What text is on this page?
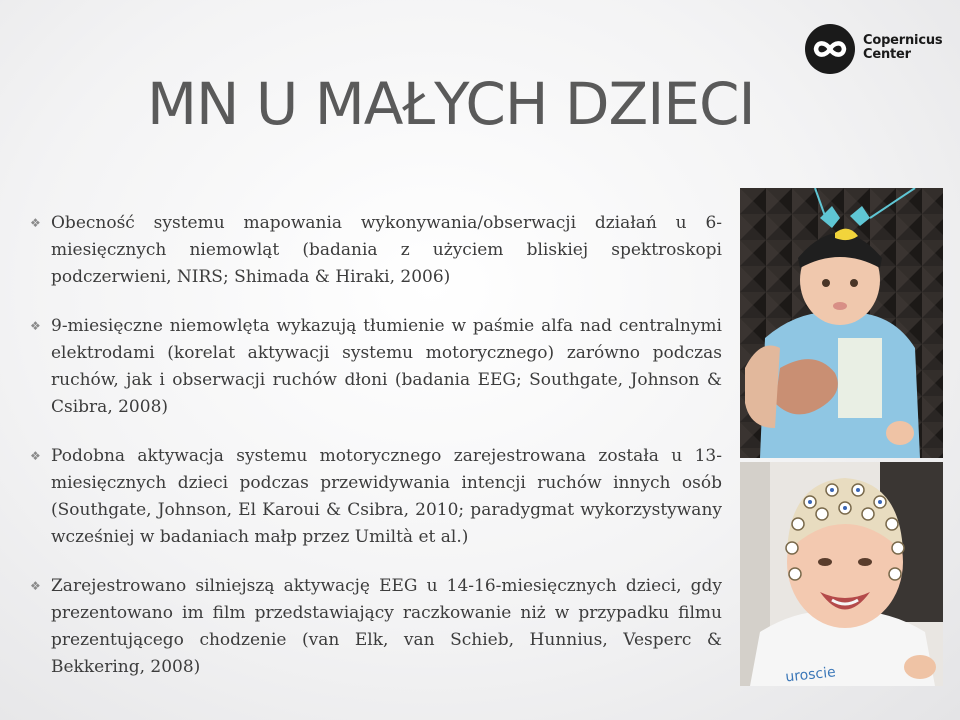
Copernicus
Center
MN U MAŁYCH DZIECI
❖ Obecność systemu mapowania wykonywania/obserwacji działań u 6-miesięcznych niemowląt (badania z użyciem bliskiej spektroskopi podczerwieni, NIRS; Shimada & Hiraki, 2006)
❖ 9-miesięczne niemowlęta wykazują tłumienie w paśmie alfa nad centralnymi elektrodami (korelat aktywacji systemu motorycznego) zarówno podczas ruchów, jak i obserwacji ruchów dłoni (badania EEG; Southgate, Johnson & Csibra, 2008)
❖ Podobna aktywacja systemu motorycznego zarejestrowana została u 13-miesięcznych dzieci podczas przewidywania intencji ruchów innych osób (Southgate, Johnson, El Karoui & Csibra, 2010; paradygmat wykorzystywany wcześniej w badaniach małp przez Umiltà et al.)
❖ Zarejestrowano silniejszą aktywację EEG u 14-16-miesięcznych dzieci, gdy prezentowano im film przedstawiający raczkowanie niż w przypadku filmu prezentującego chodzenie (van Elk, van Schieb, Hunnius, Vesperc & Bekkering, 2008)	uroscie
